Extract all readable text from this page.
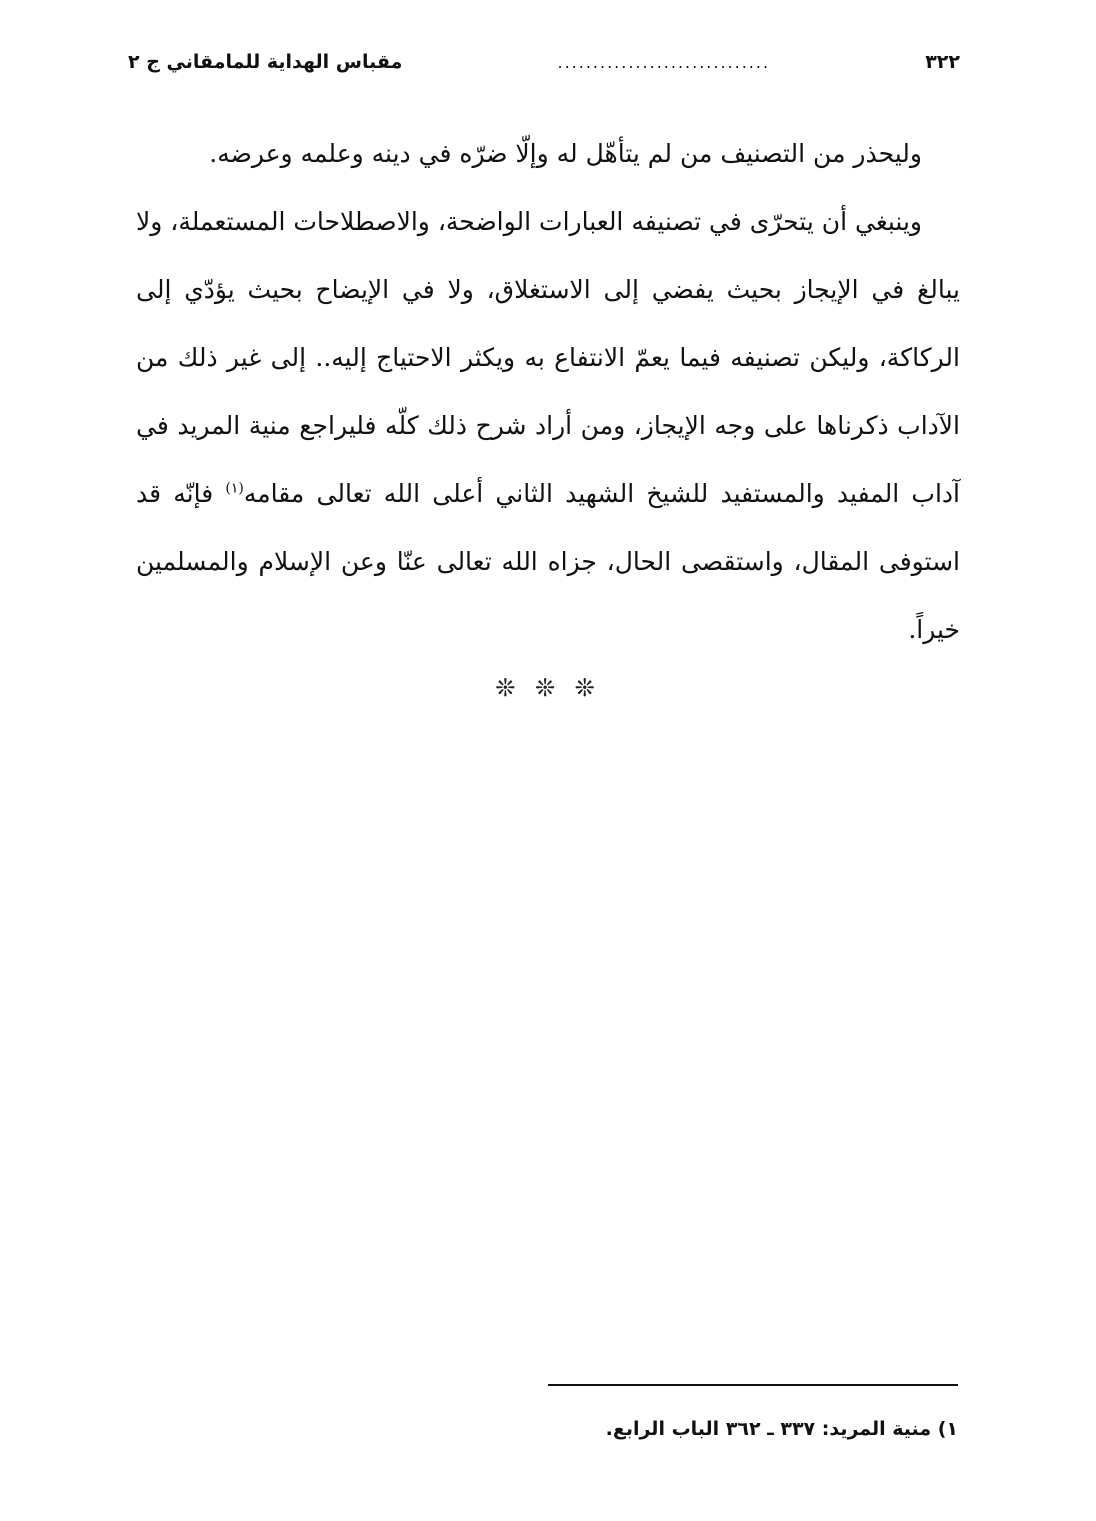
٣٢٢
..............................
مقباس الهداية للمامقاني ج ٢

وليحذر من التصنيف من لم يتأهّل له وإلّا ضرّه في دينه وعلمه وعرضه.

وينبغي أن يتحرّى في تصنيفه العبارات الواضحة، والاصطلاحات المستعملة، ولا يبالغ في الإيجاز بحيث يفضي إلى الاستغلاق، ولا في الإيضاح بحيث يؤدّي إلى الركاكة، وليكن تصنيفه فيما يعمّ الانتفاع به ويكثر الاحتياج إليه.. إلى غير ذلك من الآداب ذكرناها على وجه الإيجاز، ومن أراد شرح ذلك كلّه فليراجع منية المريد في آداب المفيد والمستفيد للشيخ الشهيد الثاني أعلى الله تعالى مقامه$^{(١)}$ فإنّه قد استوفى المقال، واستقصى الحال، جزاه الله تعالى عنّا وعن الإسلام والمسلمين خيراً.

❊ ❊ ❊
١) منية المريد: ٣٣٧ ـ ٣٦٢ الباب الرابع.
